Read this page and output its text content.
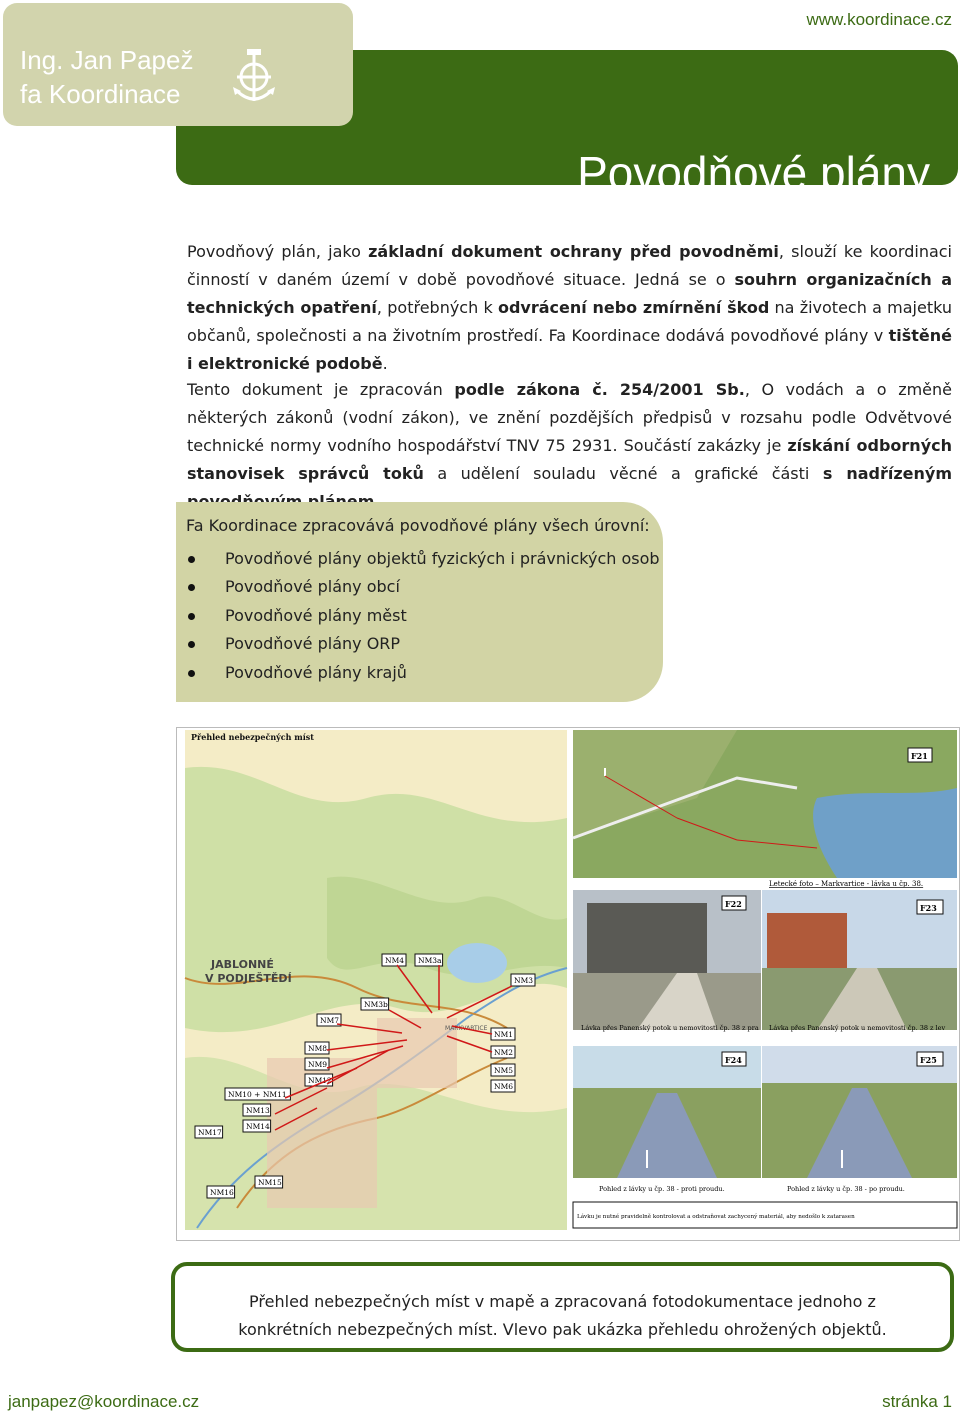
Povodňové plány
Ing. Jan Papež
fa Koordinace
www.koordinace.cz
Povodňový plán, jako základní dokument ochrany před povodněmi, slouží ke koordinaci činností v daném území v době povodňové situace. Jedná se o souhrn organizačních a technických opatření, potřebných k odvrácení nebo zmírnění škod na životech a majetku občanů, společnosti a na životním prostředí. Fa Koordinace dodává povodňové plány v tištěné i elektronické podobě.
Tento dokument je zpracován podle zákona č. 254/2001 Sb., O vodách a o změně některých zákonů (vodní zákon), ve znění pozdějších předpisů v rozsahu podle Odvětvové technické normy vodního hospodářství TNV 75 2931. Součástí zakázky je získání odborných stanovisek správců toků a udělení souladu věcné a grafické části s nadřízeným
Fa Koordinace zpracovává povodňové plány všech úrovní:
Povodňové plány objektů fyzických i právnických osob
Povodňové plány obcí
Povodňové plány měst
Povodňové plány ORP
Povodňové plány krajů
Přehled nebezpečných míst
JABLONNÉ
V PODJEŠTĚDÍ
MARKVARTICE
NM4 NM3a
NM3
NM3b
NM7
NM1
NM8	NM2
NM9
NM5
NM12
NM6
NM10 + NM11
NM13
NM14
NM17
NM15
NM16
F21
Letecké foto – Markvartice - lávka u čp. 38.
F22	F23
Lávka přes Panenský potok u nemovitosti čp. 38 z pra Lávka přes Panenský potok u nemovitosti čp. 38 z lev
F24	F25
Pohled z lávky u čp. 38 - proti proudu.	Pohled z lávky u čp. 38 - po proudu.
Lávku je nutné pravidelně kontrolovat a odstraňovat zachycený materiál, aby nedošlo k zatarasen
Přehled nebezpečných míst v mapě a zpracovaná fotodokumentace jednoho z konkrétních nebezpečných míst. Vlevo pak ukázka přehledu ohrožených objektů.
janpapez@koordinace.cz	stránka 1
